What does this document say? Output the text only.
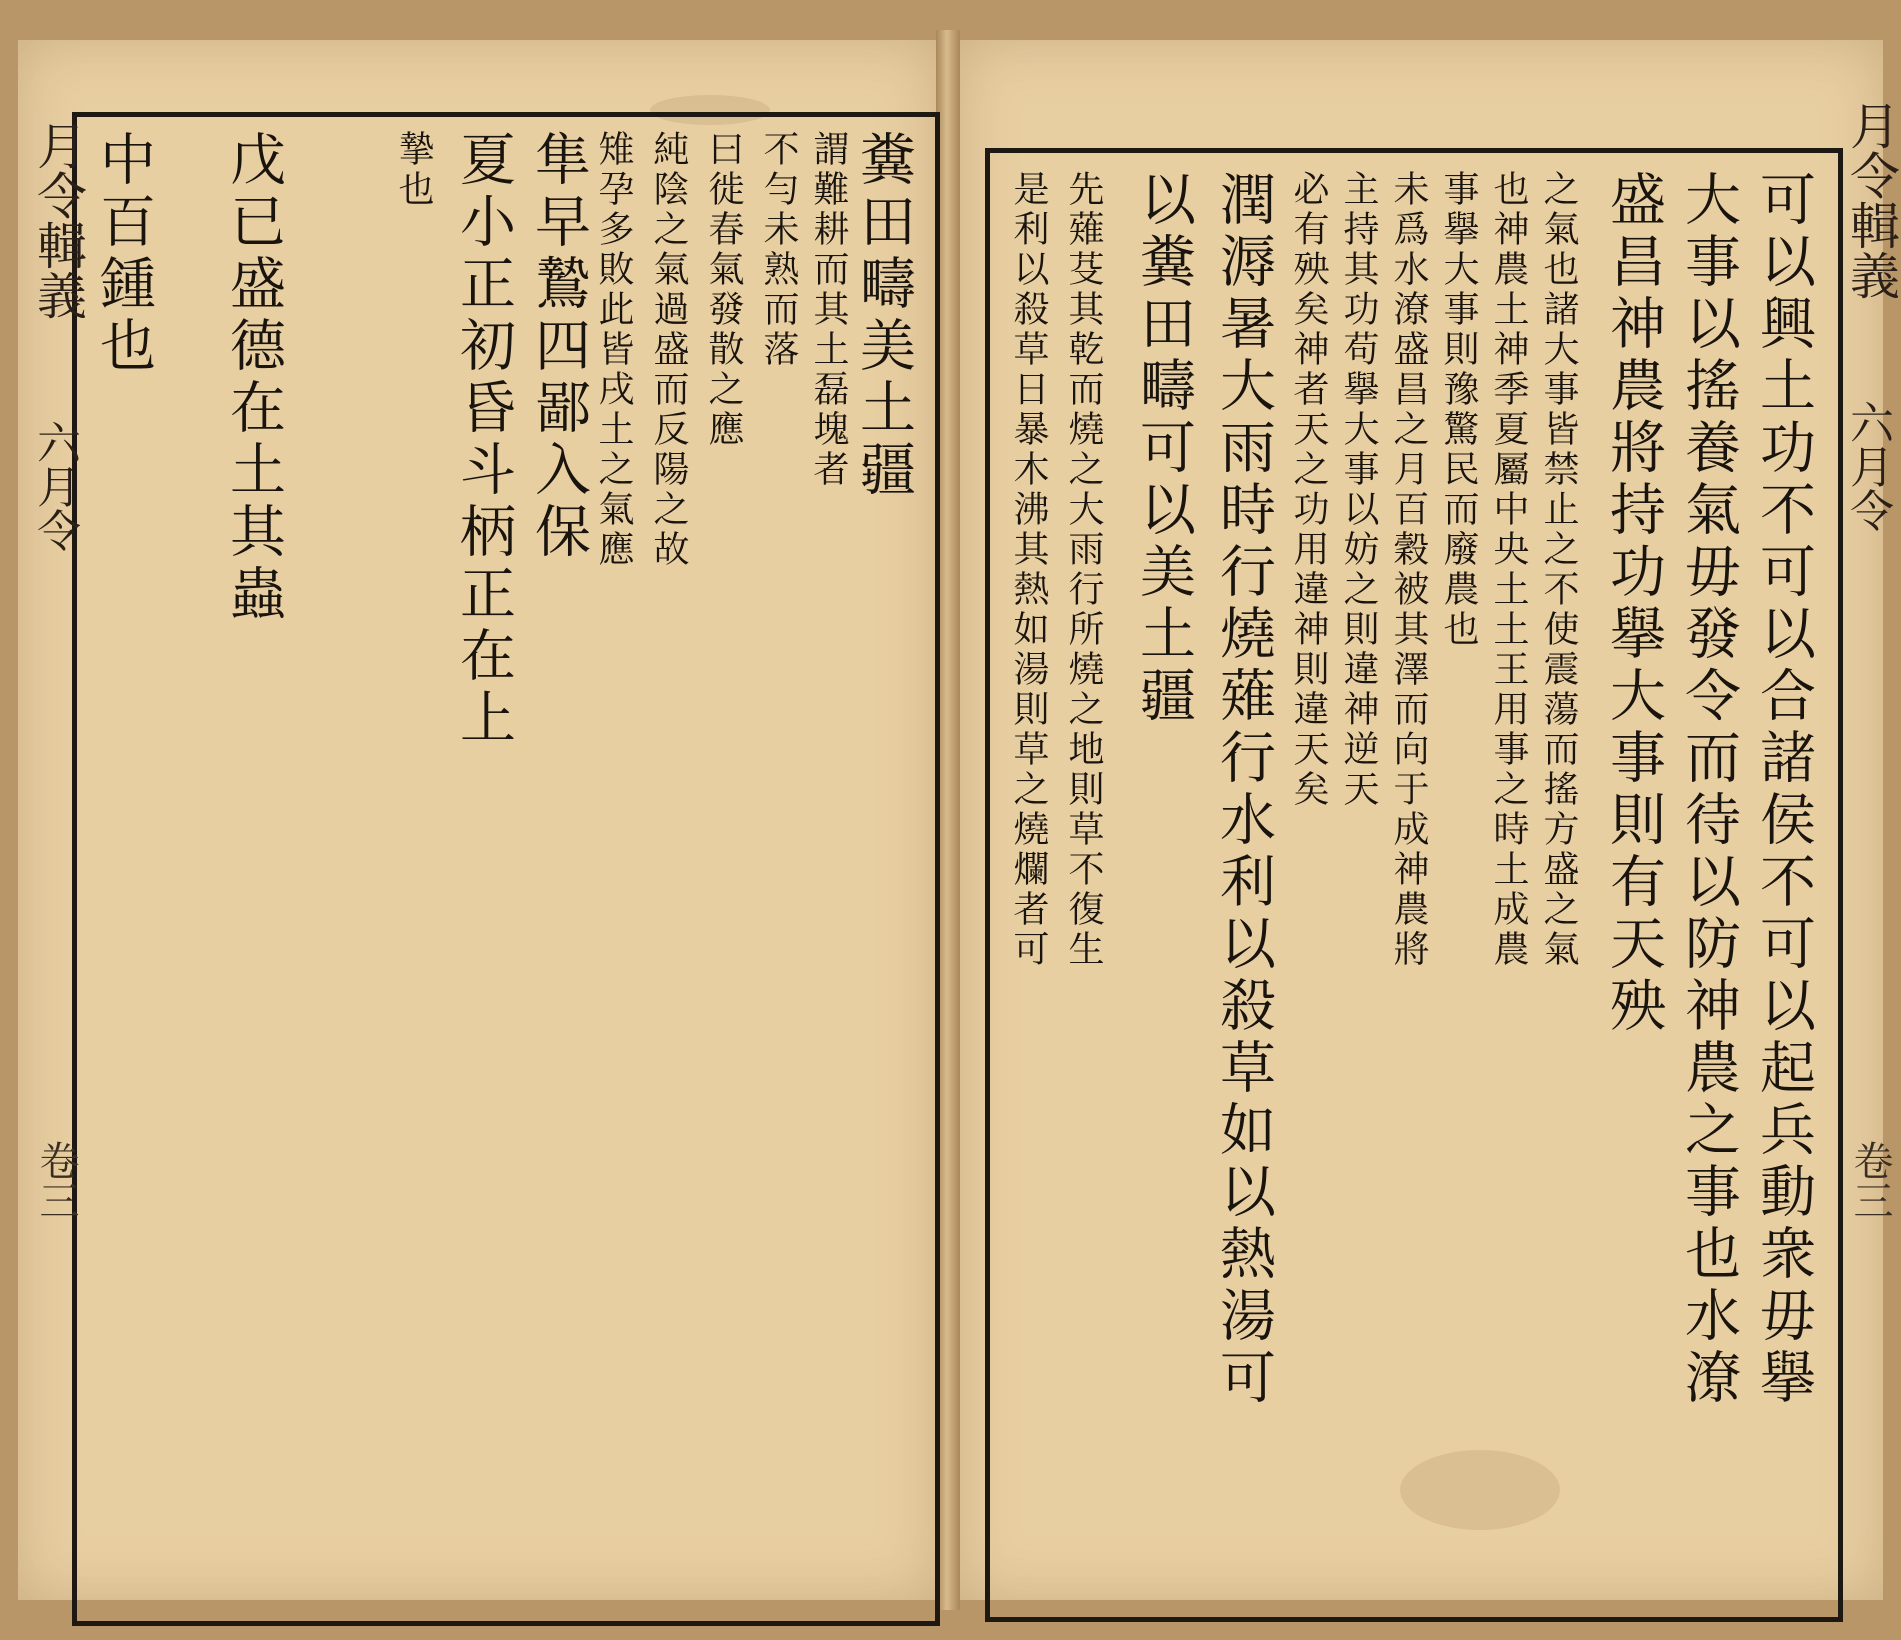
月令輯義
六月令
卷三
糞田疇美土疆
謂難耕而其土磊塊者
不勻未熟而落
曰徙春氣發散之應
純陰之氣過盛而反陽之故
雉孕多敗此皆戌土之氣應
隼早鷙四鄙入保
夏小正初昏斗柄正在上
摯也
戊已盛德在土其蟲
中百鍾也	月令輯義
六月令
卷三
可以興土功不可以合諸侯不可以起兵動衆毋擧
大事以搖養氣毋發令而待以防神農之事也水潦
盛昌神農將持功擧大事則有天殃
之氣也諸大事皆禁止之不使震蕩而搖方盛之氣
也神農土神季夏屬中央土土王用事之時土成農
事擧大事則豫驚民而廢農也
未爲水潦盛昌之月百穀被其澤而向于成神農將
主持其功苟擧大事以妨之則違神逆天
必有殃矣神者天之功用違神則違天矣
潤溽暑大雨時行燒薙行水利以殺草如以熱湯可
以糞田疇可以美土疆
先薙芟其乾而燒之大雨行所燒之地則草不復生
是利以殺草日暴木沸其熱如湯則草之燒爛者可
